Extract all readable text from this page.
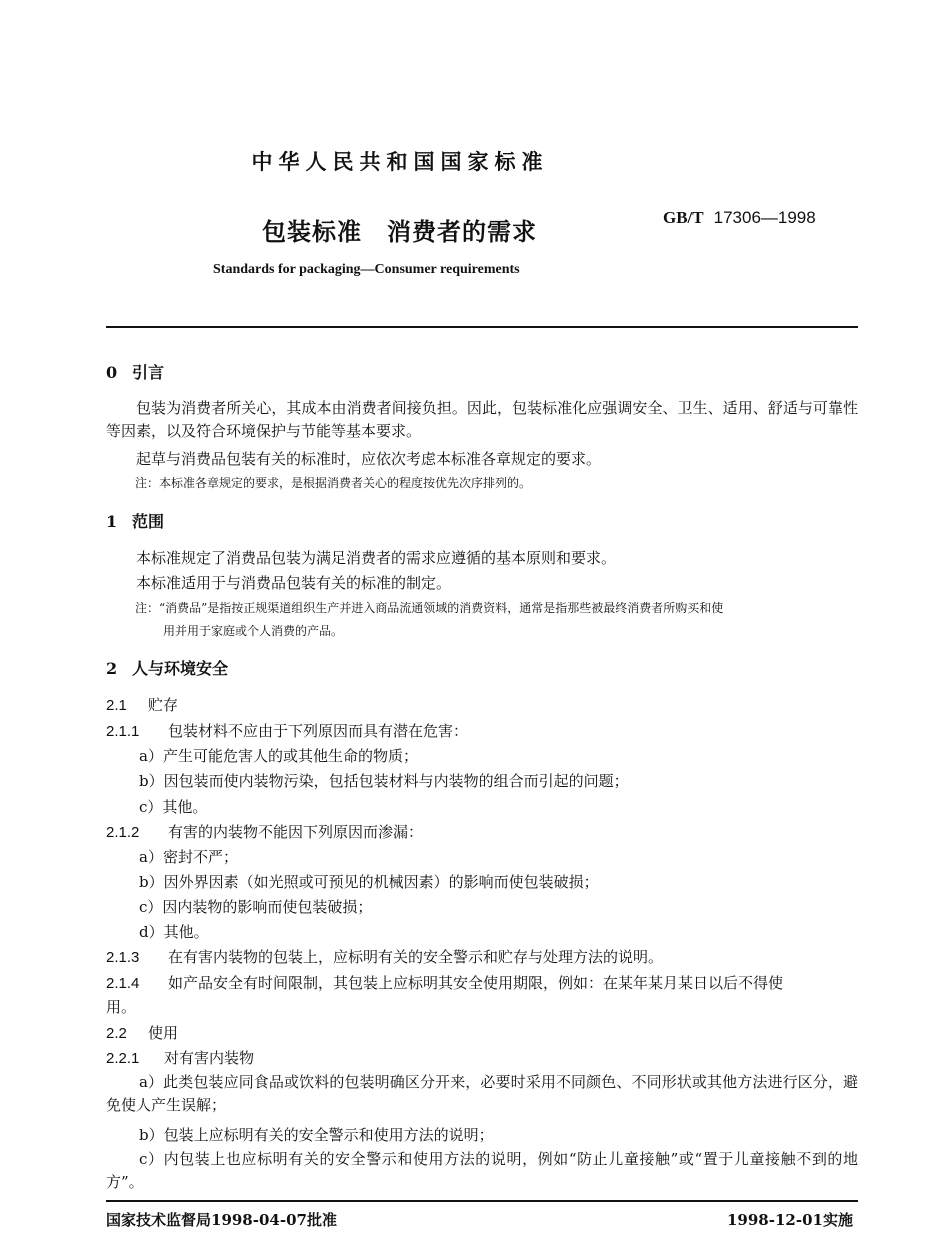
中华人民共和国国家标准
包装标准　消费者的需求	GB/T 17306—1998
Standards for packaging—Consumer requirements
0 引言
包装为消费者所关心，其成本由消费者间接负担。因此，包装标准化应强调安全、卫生、适用、舒适与可靠性等因素，以及符合环境保护与节能等基本要求。
起草与消费品包装有关的标准时，应依次考虑本标准各章规定的要求。
注：本标准各章规定的要求，是根据消费者关心的程度按优先次序排列的。
1 范围
本标准规定了消费品包装为满足消费者的需求应遵循的基本原则和要求。
本标准适用于与消费品包装有关的标准的制定。
注：“消费品”是指按正规渠道组织生产并进入商品流通领域的消费资料，通常是指那些被最终消费者所购买和使
用并用于家庭或个人消费的产品。
2 人与环境安全
2.1 贮存
2.1.1 包装材料不应由于下列原因而具有潜在危害：
a）产生可能危害人的或其他生命的物质；
b）因包装而使内装物污染，包括包装材料与内装物的组合而引起的问题；
c）其他。
2.1.2 有害的内装物不能因下列原因而渗漏：
a）密封不严；
b）因外界因素（如光照或可预见的机械因素）的影响而使包装破损；
c）因内装物的影响而使包装破损；
d）其他。
2.1.3 在有害内装物的包装上，应标明有关的安全警示和贮存与处理方法的说明。
2.1.4 如产品安全有时间限制，其包装上应标明其安全使用期限，例如：在某年某月某日以后不得使
用。
2.2 使用
2.2.1 对有害内装物
a）此类包装应同食品或饮料的包装明确区分开来，必要时采用不同颜色、不同形状或其他方法进行区分，避免使人产生误解；
b）包装上应标明有关的安全警示和使用方法的说明；
c）内包装上也应标明有关的安全警示和使用方法的说明，例如“防止儿童接触”或“置于儿童接触不到的地方”。
国家技术监督局1998-04-07批准	1998-12-01实施
